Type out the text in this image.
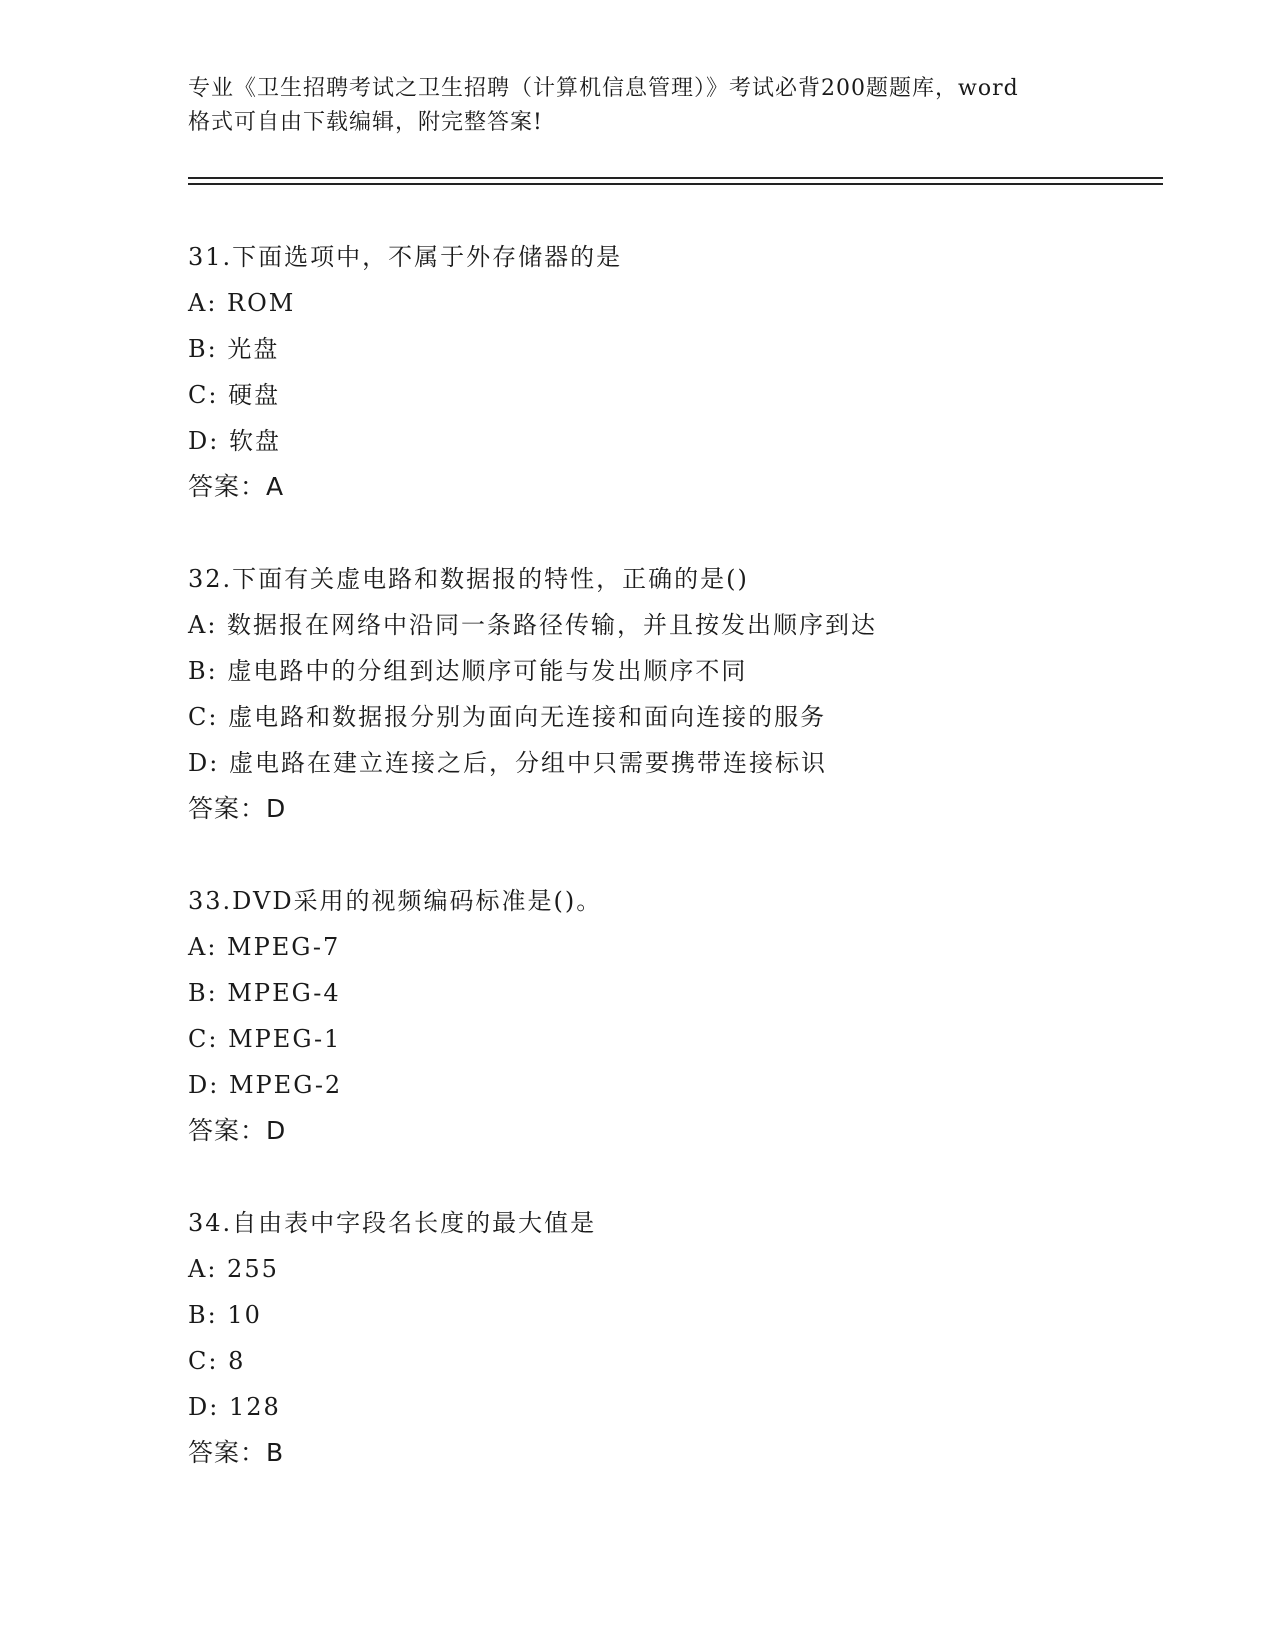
专业《卫生招聘考试之卫生招聘（计算机信息管理）》考试必背200题题库，word
格式可自由下载编辑，附完整答案!
31.下面选项中，不属于外存储器的是
A: ROM
B: 光盘
C: 硬盘
D: 软盘
答案：A
32.下面有关虚电路和数据报的特性，正确的是()
A: 数据报在网络中沿同一条路径传输，并且按发出顺序到达
B: 虚电路中的分组到达顺序可能与发出顺序不同
C: 虚电路和数据报分别为面向无连接和面向连接的服务
D: 虚电路在建立连接之后，分组中只需要携带连接标识
答案：D
33.DVD采用的视频编码标准是()。
A: MPEG-7
B: MPEG-4
C: MPEG-1
D: MPEG-2
答案：D
34.自由表中字段名长度的最大值是
A: 255
B: 10
C: 8
D: 128
答案：B
